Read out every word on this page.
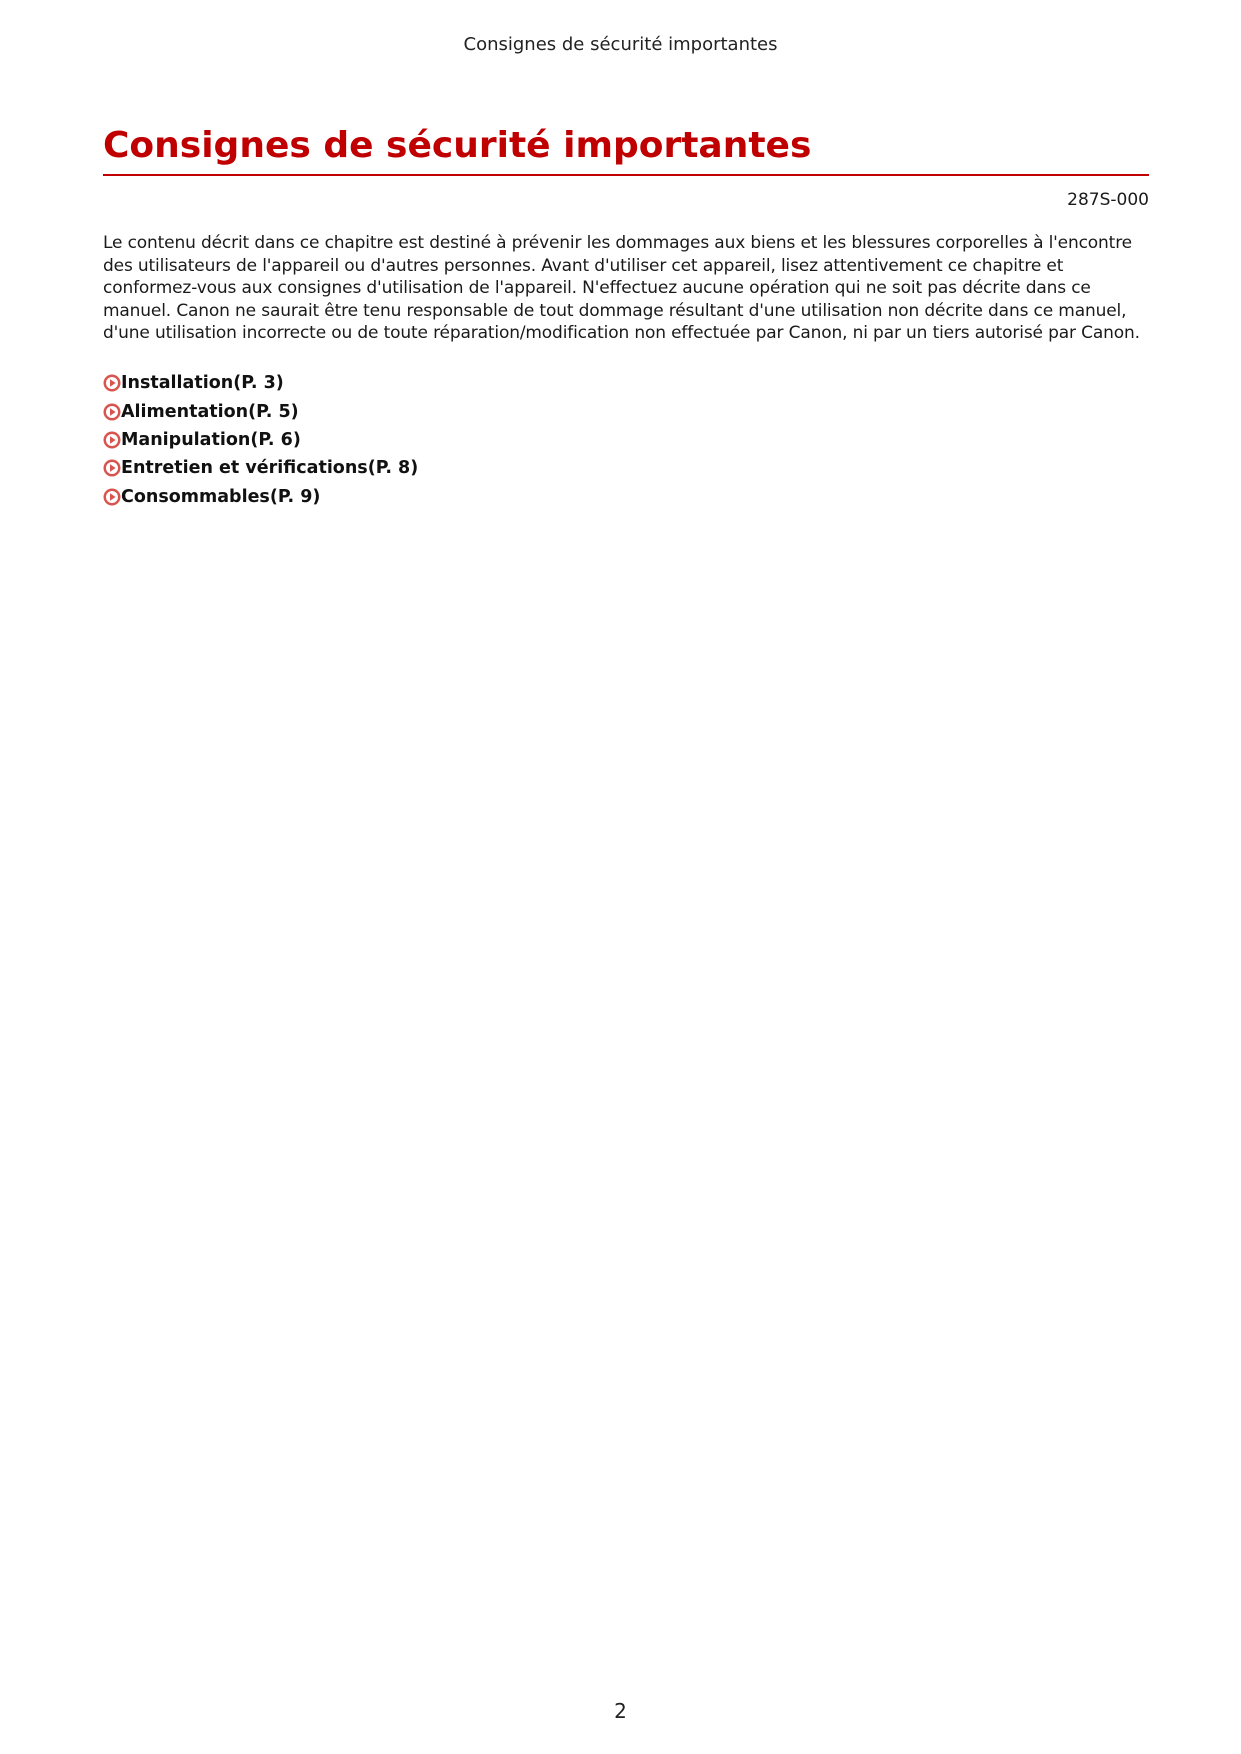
Consignes de sécurité importantes
Consignes de sécurité importantes
287S-000

Le contenu décrit dans ce chapitre est destiné à prévenir les dommages aux biens et les blessures corporelles à l'encontre des utilisateurs de l'appareil ou d'autres personnes. Avant d'utiliser cet appareil, lisez attentivement ce chapitre et conformez-vous aux consignes d'utilisation de l'appareil. N'effectuez aucune opération qui ne soit pas décrite dans ce manuel. Canon ne saurait être tenu responsable de tout dommage résultant d'une utilisation non décrite dans ce manuel, d'une utilisation incorrecte ou de toute réparation/modification non effectuée par Canon, ni par un tiers autorisé par Canon.

Installation(P. 3)
Alimentation(P. 5)
Manipulation(P. 6)
Entretien et vérifications(P. 8)
Consommables(P. 9)
2
